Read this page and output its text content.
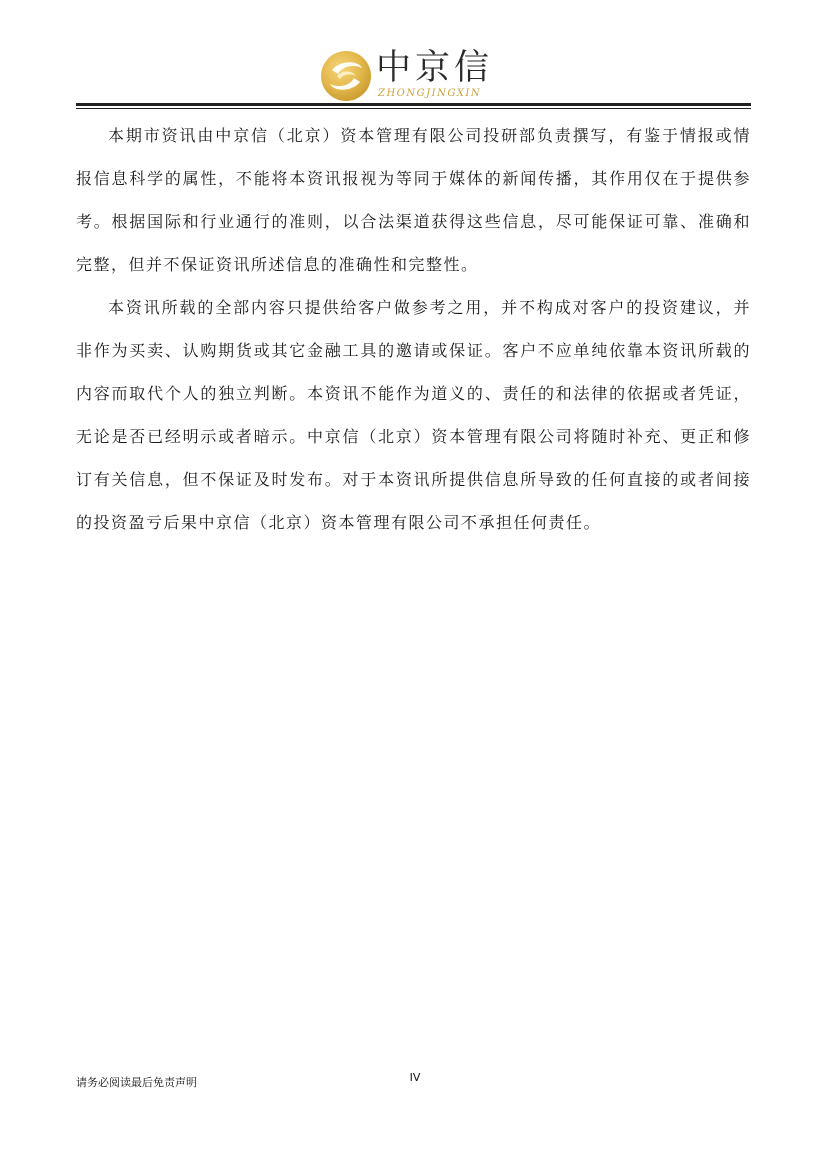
中京信
ZHONGJINGXIN

本期市资讯由中京信（北京）资本管理有限公司投研部负责撰写，有鉴于情报或情报信息科学的属性，不能将本资讯报视为等同于媒体的新闻传播，其作用仅在于提供参考。根据国际和行业通行的准则，以合法渠道获得这些信息，尽可能保证可靠、准确和完整，但并不保证资讯所述信息的准确性和完整性。

本资讯所载的全部内容只提供给客户做参考之用，并不构成对客户的投资建议，并非作为买卖、认购期货或其它金融工具的邀请或保证。客户不应单纯依靠本资讯所载的内容而取代个人的独立判断。本资讯不能作为道义的、责任的和法律的依据或者凭证，无论是否已经明示或者暗示。中京信（北京）资本管理有限公司将随时补充、更正和修订有关信息，但不保证及时发布。对于本资讯所提供信息所导致的任何直接的或者间接的投资盈亏后果中京信（北京）资本管理有限公司不承担任何责任。

请务必阅读最后免责声明	IV
